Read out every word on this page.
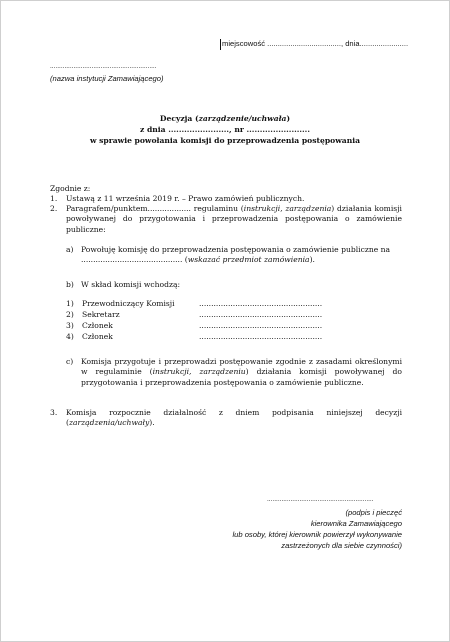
miejscowość ..................................., dnia.......................
...........................................................
(nazwa instytucji Zamawiającego)
Decyzja (zarządzenie/uchwała)
z dnia ......................., nr ........................
w sprawie powołania komisji do przeprowadzenia postępowania
Zgodnie z:
1. Ustawą z 11 września 2019 r. – Prawo zamówień publicznych.
2. Paragrafem/punktem.................. regulaminu (instrukcji, zarządzenia) działania komisji powoływanej do przygotowania i przeprowadzenia postępowania o zamówienie publiczne:
a) Powołuję komisję do przeprowadzenia postępowania o zamówienie publiczne na
.......................................... (wskazać przedmiot zamówienia).
b) W skład komisji wchodzą:
1) Przewodniczący Komisji	...................................................
2) Sekretarz	...................................................
3) Członek	...................................................
4) Członek	...................................................
c) Komisja przygotuje i przeprowadzi postępowanie zgodnie z zasadami określonymi w regulaminie (instrukcji, zarządzeniu) działania komisji powoływanej do przygotowania i przeprowadzenia postępowania o zamówienie publiczne.
3. Komisja rozpocznie działalność z dniem podpisania niniejszej decyzji (zarządzenia/uchwały).
...........................................................
(podpis i pieczęć
kierownika Zamawiającego
lub osoby, której kierownik powierzył wykonywanie
zastrzeżonych dla siebie czynności)
